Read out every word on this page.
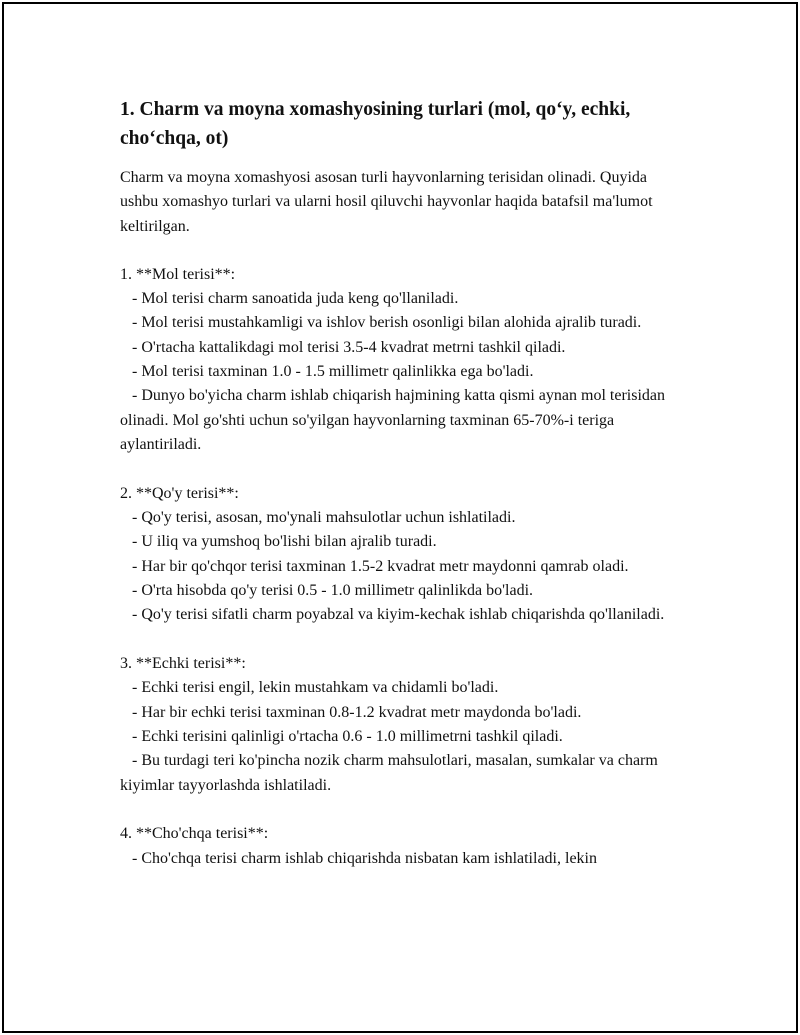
1. Charm va moyna xomashyosining turlari (mol, qo‘y, echki, cho‘chqa, ot)

Charm va moyna xomashyosi asosan turli hayvonlarning terisidan olinadi. Quyida ushbu xomashyo turlari va ularni hosil qiluvchi hayvonlar haqida batafsil ma'lumot keltirilgan.

1. **Mol terisi**:
- Mol terisi charm sanoatida juda keng qo'llaniladi.
- Mol terisi mustahkamligi va ishlov berish osonligi bilan alohida ajralib turadi.
- O'rtacha kattalikdagi mol terisi 3.5-4 kvadrat metrni tashkil qiladi.
- Mol terisi taxminan 1.0 - 1.5 millimetr qalinlikka ega bo'ladi.
- Dunyo bo'yicha charm ishlab chiqarish hajmining katta qismi aynan mol terisidan olinadi. Mol go'shti uchun so'yilgan hayvonlarning taxminan 65-70%-i teriga aylantiriladi.
2. **Qo'y terisi**:
- Qo'y terisi, asosan, mo'ynali mahsulotlar uchun ishlatiladi.
- U iliq va yumshoq bo'lishi bilan ajralib turadi.
- Har bir qo'chqor terisi taxminan 1.5-2 kvadrat metr maydonni qamrab oladi.
- O'rta hisobda qo'y terisi 0.5 - 1.0 millimetr qalinlikda bo'ladi.
- Qo'y terisi sifatli charm poyabzal va kiyim-kechak ishlab chiqarishda qo'llaniladi.
3. **Echki terisi**:
- Echki terisi engil, lekin mustahkam va chidamli bo'ladi.
- Har bir echki terisi taxminan 0.8-1.2 kvadrat metr maydonda bo'ladi.
- Echki terisini qalinligi o'rtacha 0.6 - 1.0 millimetrni tashkil qiladi.
- Bu turdagi teri ko'pincha nozik charm mahsulotlari, masalan, sumkalar va charm kiyimlar tayyorlashda ishlatiladi.
4. **Cho'chqa terisi**:
- Cho'chqa terisi charm ishlab chiqarishda nisbatan kam ishlatiladi, lekin
